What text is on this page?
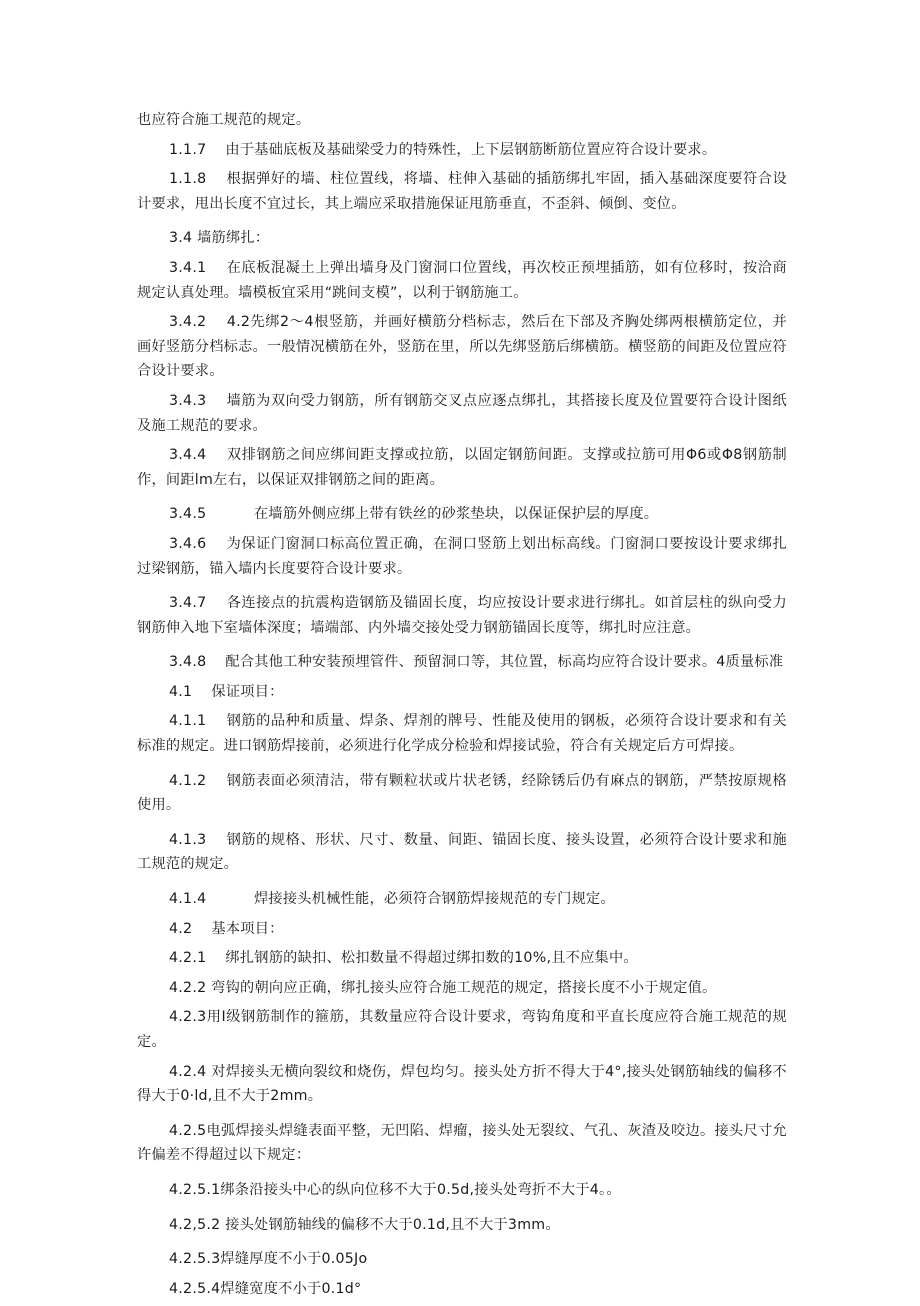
也应符合施工规范的规定。

1.1.7 由于基础底板及基础梁受力的特殊性，上下层钢筋断筋位置应符合设计要求。

1.1.8 根据弹好的墙、柱位置线，将墙、柱伸入基础的插筋绑扎牢固，插入基础深度要符合设计要求，甩出长度不宜过长，其上端应采取措施保证甩筋垂直，不歪斜、倾倒、变位。

3.4 墙筋绑扎：

3.4.1 在底板混凝土上弹出墙身及门窗洞口位置线，再次校正预埋插筋，如有位移时，按洽商规定认真处理。墙模板宜采用“跳间支模”，以利于钢筋施工。

3.4.2 4.2先绑2～4根竖筋，并画好横筋分档标志，然后在下部及齐胸处绑两根横筋定位，并画好竖筋分档标志。一般情况横筋在外，竖筋在里，所以先绑竖筋后绑横筋。横竖筋的间距及位置应符合设计要求。

3.4.3 墙筋为双向受力钢筋，所有钢筋交叉点应逐点绑扎，其搭接长度及位置要符合设计图纸及施工规范的要求。

3.4.4 双排钢筋之间应绑间距支撑或拉筋，以固定钢筋间距。支撑或拉筋可用Φ6或Φ8钢筋制作，间距lm左右，以保证双排钢筋之间的距离。

3.4.5	在墙筋外侧应绑上带有铁丝的砂浆垫块，以保证保护层的厚度。

3.4.6 为保证门窗洞口标高位置正确，在洞口竖筋上划出标高线。门窗洞口要按设计要求绑扎过梁钢筋，锚入墙内长度要符合设计要求。

3.4.7 各连接点的抗震构造钢筋及锚固长度，均应按设计要求进行绑扎。如首层柱的纵向受力钢筋伸入地下室墙体深度；墙端部、内外墙交接处受力钢筋锚固长度等，绑扎时应注意。

3.4.8 配合其他工种安装预埋管件、预留洞口等，其位置，标高均应符合设计要求。4质量标准

4.1 保证项目：

4.1.1 钢筋的品种和质量、焊条、焊剂的牌号、性能及使用的钢板，必须符合设计要求和有关标准的规定。进口钢筋焊接前，必须进行化学成分检验和焊接试验，符合有关规定后方可焊接。

4.1.2 钢筋表面必须清洁，带有颗粒状或片状老锈，经除锈后仍有麻点的钢筋，严禁按原规格使用。

4.1.3 钢筋的规格、形状、尺寸、数量、间距、锚固长度、接头设置，必须符合设计要求和施工规范的规定。

4.1.4	焊接接头机械性能，必须符合钢筋焊接规范的专门规定。

4.2 基本项目：

4.2.1 绑扎钢筋的缺扣、松扣数量不得超过绑扣数的10%,且不应集中。

4.2.2 弯钩的朝向应正确，绑扎接头应符合施工规范的规定，搭接长度不小于规定值。

4.2.3用I级钢筋制作的箍筋，其数量应符合设计要求，弯钩角度和平直长度应符合施工规范的规定。

4.2.4 对焊接头无横向裂纹和烧伤，焊包均匀。接头处方折不得大于4°,接头处钢筋轴线的偏移不得大于0·ld,且不大于2mm。

4.2.5电弧焊接头焊缝表面平整，无凹陷、焊瘤，接头处无裂纹、气孔、灰渣及咬边。接头尺寸允许偏差不得超过以下规定：

4.2.5.1绑条沿接头中心的纵向位移不大于0.5d,接头处弯折不大于4。。

4.2,5.2 接头处钢筋轴线的偏移不大于0.1d,且不大于3mm。

4.2.5.3焊缝厚度不小于0.05Jo

4.2.5.4焊缝宽度不小于0.1d°
